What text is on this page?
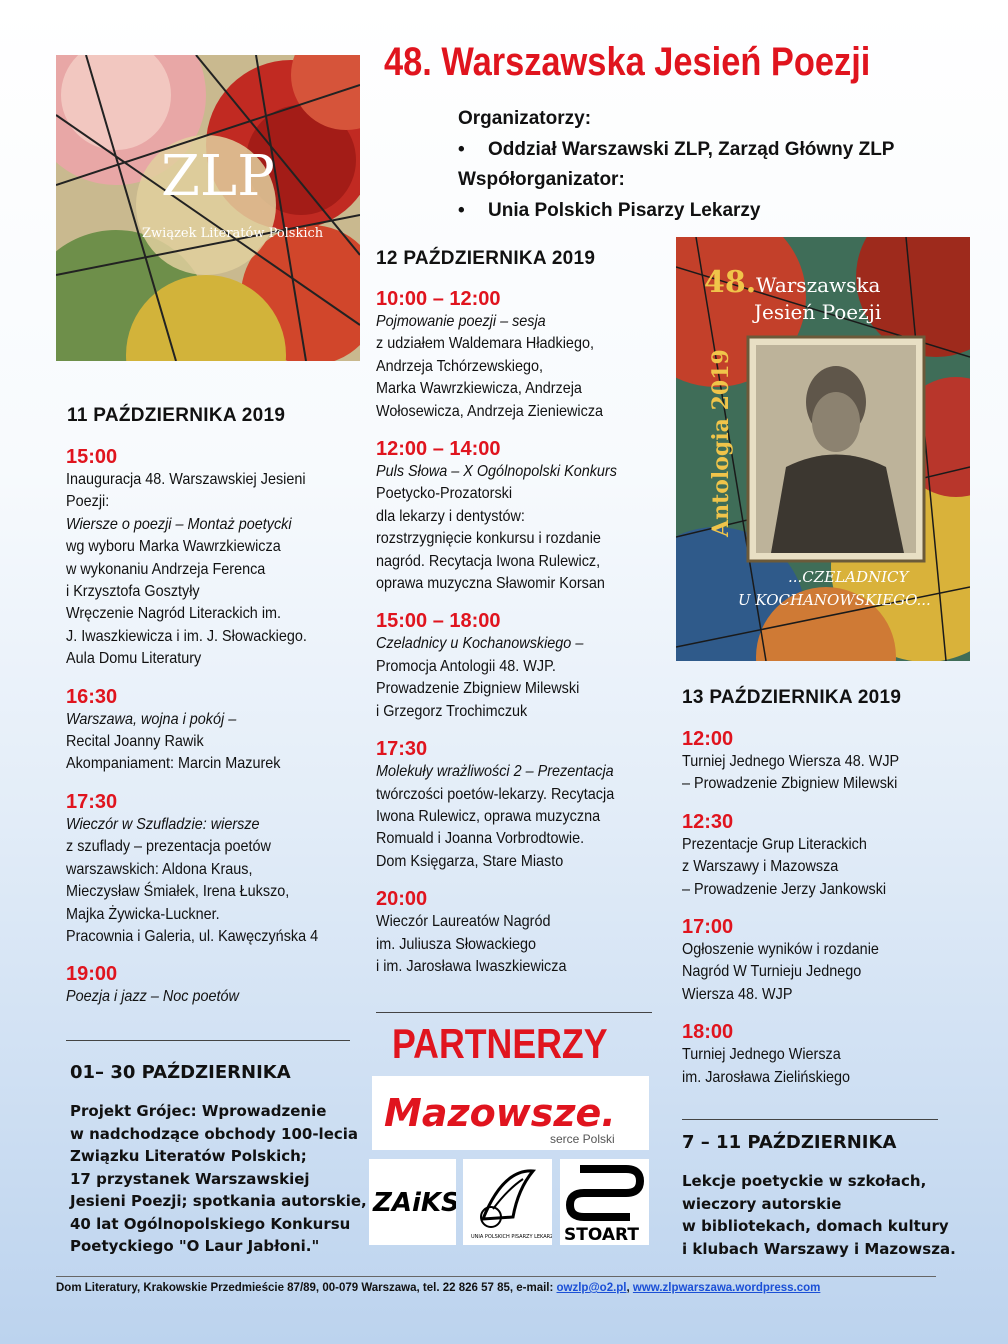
48. Warszawska Jesień Poezji
Organizatorzy:
• Oddział Warszawski ZLP, Zarząd Główny ZLP
Współorganizator:
• Unia Polskich Pisarzy Lekarzy
ZLP
Związek Literatów Polskich
48. Warszawska
Jesień Poezji
Antologia 2019
...CZELADNICY
U KOCHANOWSKIEGO...
11 PAŹDZIERNIKA 2019
15:00
Inauguracja 48. Warszawskiej Jesieni Poezji: Wiersze o poezji – Montaż poetycki wg wyboru Marka Wawrzkiewicza w wykonaniu Andrzeja Ferenca i Krzysztofa Gosztyły Wręczenie Nagród Literackich im. J. Iwaszkiewicza i im. J. Słowackiego. Aula Domu Literatury
16:30
Warszawa, wojna i pokój – Recital Joanny Rawik Akompaniament: Marcin Mazurek
17:30
Wieczór w Szufladzie: wiersze z szuflady – prezentacja poetów warszawskich: Aldona Kraus, Mieczysław Śmiałek, Irena Łukszo, Majka Żywicka-Luckner. Pracownia i Galeria, ul. Kawęczyńska 4
19:00
Poezja i jazz – Noc poetów
01– 30 PAŹDZIERNIKA
Projekt Grójec: Wprowadzenie
w nadchodzące obchody 100-lecia
Związku Literatów Polskich;
17 przystanek Warszawskiej
Jesieni Poezji; spotkania autorskie,
40 lat Ogólnopolskiego Konkursu
Poetyckiego "O Laur Jabłoni."
12 PAŹDZIERNIKA 2019
10:00 – 12:00
Pojmowanie poezji – sesja z udziałem Waldemara Hładkiego, Andrzeja Tchórzewskiego, Marka Wawrzkiewicza, Andrzeja Wołosewicza, Andrzeja Zieniewicza
12:00 – 14:00
Puls Słowa – X Ogólnopolski Konkurs Poetycko-Prozatorski dla lekarzy i dentystów: rozstrzygnięcie konkursu i rozdanie nagród. Recytacja Iwona Rulewicz, oprawa muzyczna Sławomir Korsan
15:00 – 18:00
Czeladnicy u Kochanowskiego – Promocja Antologii 48. WJP. Prowadzenie Zbigniew Milewski i Grzegorz Trochimczuk
17:30
Molekuły wrażliwości 2 – Prezentacja twórczości poetów-lekarzy. Recytacja Iwona Rulewicz, oprawa muzyczna Romuald i Joanna Vorbrodtowie. Dom Księgarza, Stare Miasto
20:00
Wieczór Laureatów Nagród im. Juliusza Słowackiego i im. Jarosława Iwaszkiewicza
PARTNERZY
Mazowsze.
serce Polski
ZAiKS
UNIA POLSKICH PISARZY LEKARZY STOART
13 PAŹDZIERNIKA 2019
12:00
Turniej Jednego Wiersza 48. WJP – Prowadzenie Zbigniew Milewski
12:30
Prezentacje Grup Literackich z Warszawy i Mazowsza – Prowadzenie Jerzy Jankowski
17:00
Ogłoszenie wyników i rozdanie Nagród W Turnieju Jednego Wiersza 48. WJP
18:00
Turniej Jednego Wiersza im. Jarosława Zielińskiego
7 – 11 PAŹDZIERNIKA
Lekcje poetyckie w szkołach,
wieczory autorskie
w bibliotekach, domach kultury
i klubach Warszawy i Mazowsza.
Dom Literatury, Krakowskie Przedmieście 87/89, 00-079 Warszawa, tel. 22 826 57 85, e-mail: owzlp@o2.pl, www.zlpwarszawa.wordpress.com
